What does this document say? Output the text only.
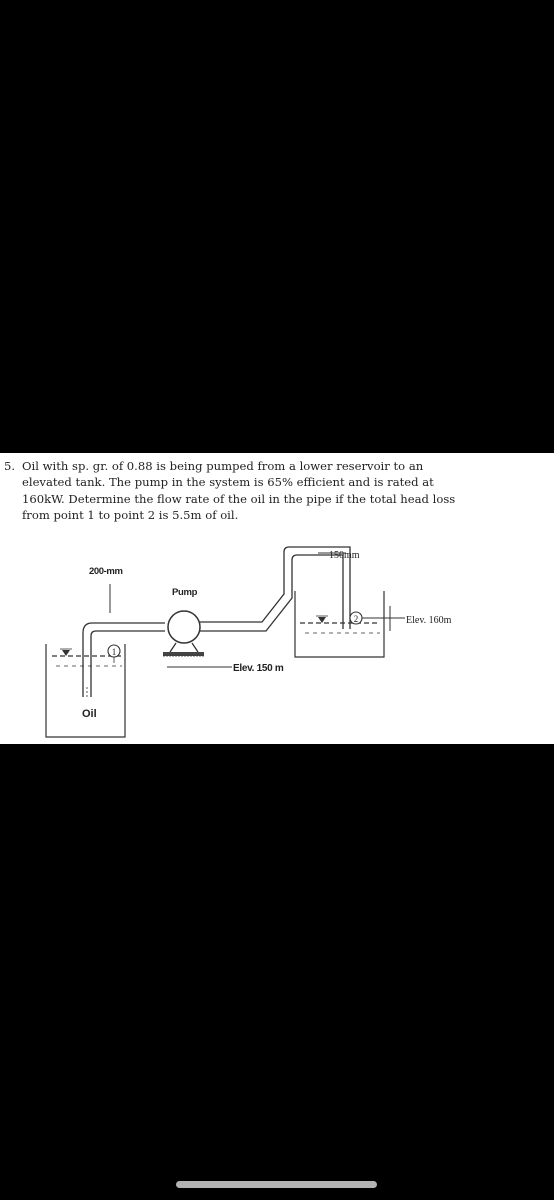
5. Oil with sp. gr. of 0.88 is being pumped from a lower reservoir to an
elevated tank. The pump in the system is 65% efficient and is rated at
160kW. Determine the flow rate of the oil in the pipe if the total head loss
from point 1 to point 2 is 5.5m of oil.
Oil
200-mm
1
Pump
Elev. 150 m
150mm
2	Elev. 160m
